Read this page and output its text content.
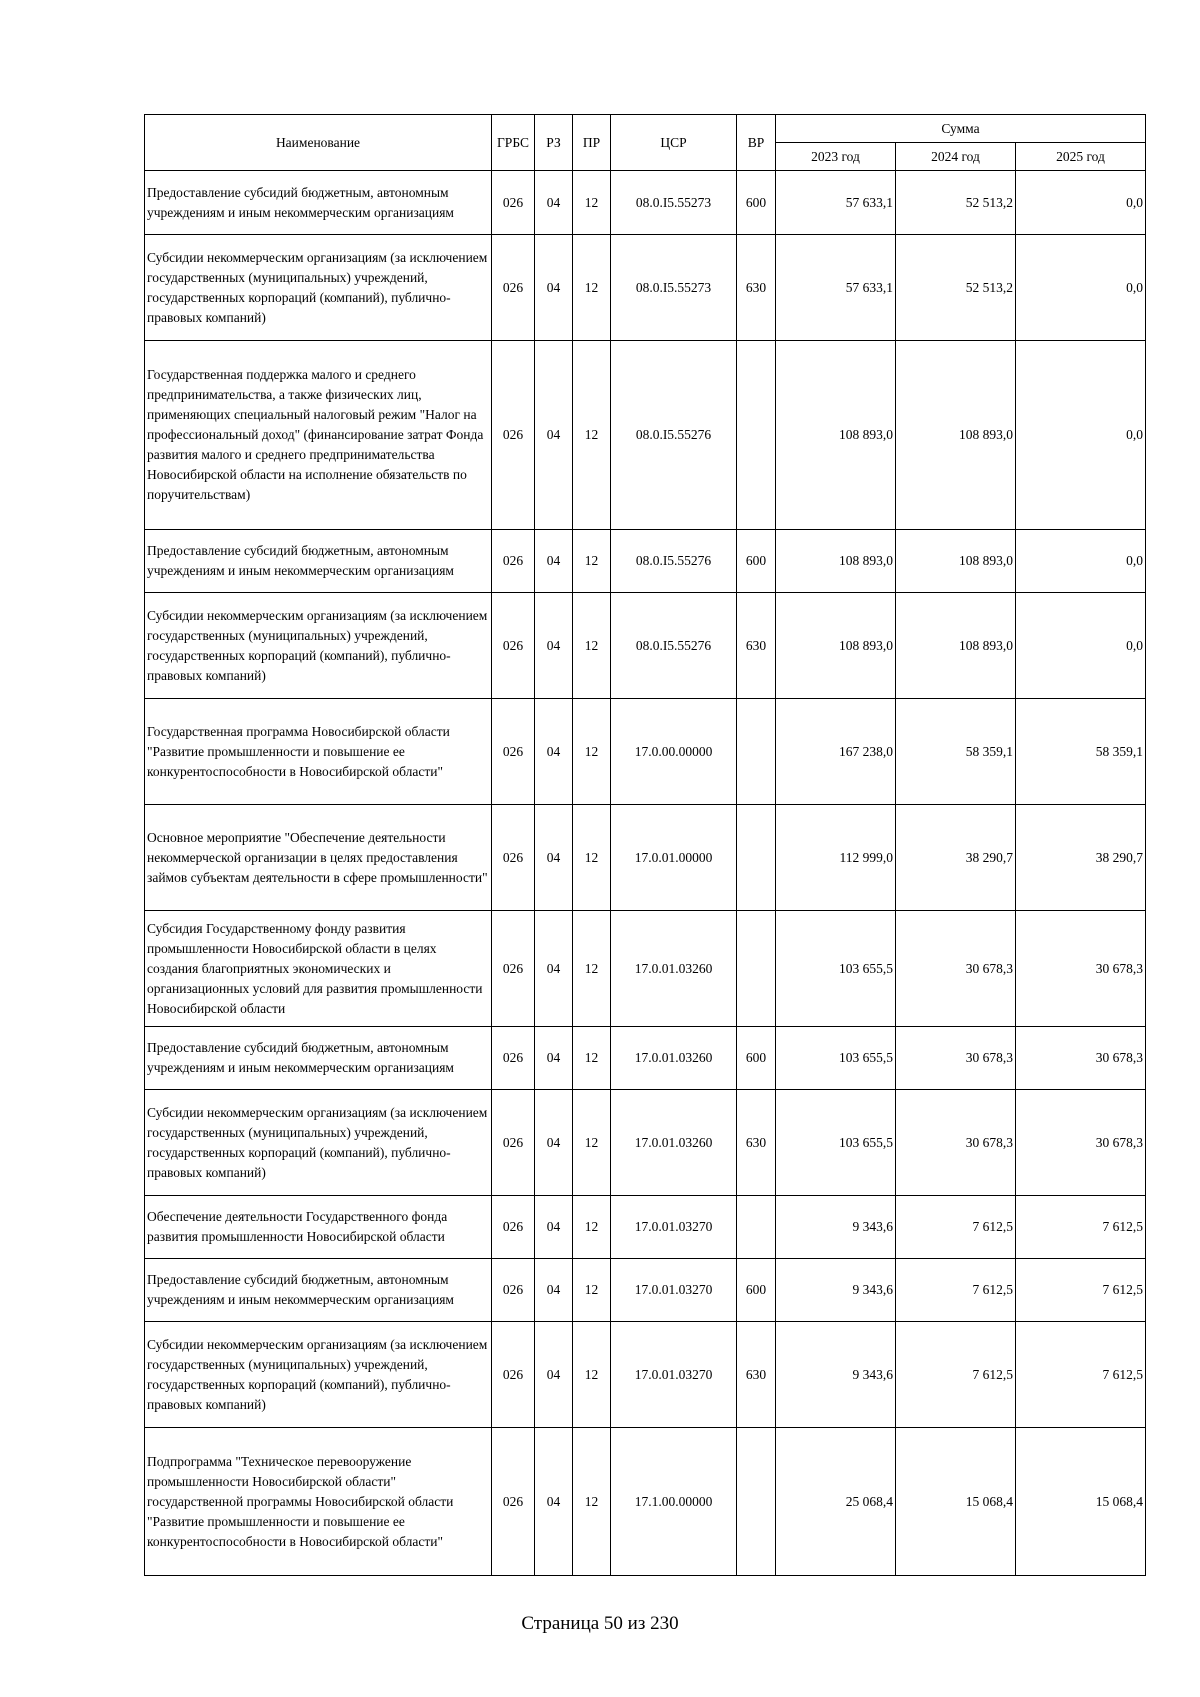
Наименование	ГРБС	РЗ	ПР	ЦСР	ВР	Сумма		
						2023 год	2024 год	2025 год
Предоставление субсидий бюджетным, автономным учреждениям и иным некоммерческим организациям	026	04	12	08.0.I5.55273	600	57 633,1	52 513,2	0,0
Субсидии некоммерческим организациям (за исключением государственных (муниципальных) учреждений, государственных корпораций (компаний), публично-правовых компаний)	026	04	12	08.0.I5.55273	630	57 633,1	52 513,2	0,0
Государственная поддержка малого и среднего предпринимательства, а также физических лиц, применяющих специальный налоговый режим "Налог на профессиональный доход" (финансирование затрат Фонда развития малого и среднего предпринимательства Новосибирской области на исполнение обязательств по поручительствам)	026	04	12	08.0.I5.55276		108 893,0	108 893,0	0,0
Предоставление субсидий бюджетным, автономным учреждениям и иным некоммерческим организациям	026	04	12	08.0.I5.55276	600	108 893,0	108 893,0	0,0
Субсидии некоммерческим организациям (за исключением государственных (муниципальных) учреждений, государственных корпораций (компаний), публично-правовых компаний)	026	04	12	08.0.I5.55276	630	108 893,0	108 893,0	0,0
Государственная программа Новосибирской области "Развитие промышленности и повышение ее конкурентоспособности в Новосибирской области"	026	04	12	17.0.00.00000		167 238,0	58 359,1	58 359,1
Основное мероприятие "Обеспечение деятельности некоммерческой организации в целях предоставления займов субъектам деятельности в сфере промышленности"	026	04	12	17.0.01.00000		112 999,0	38 290,7	38 290,7
Субсидия Государственному фонду развития промышленности Новосибирской области в целях создания благоприятных экономических и организационных условий для развития промышленности Новосибирской области	026	04	12	17.0.01.03260		103 655,5	30 678,3	30 678,3
Предоставление субсидий бюджетным, автономным учреждениям и иным некоммерческим организациям	026	04	12	17.0.01.03260	600	103 655,5	30 678,3	30 678,3
Субсидии некоммерческим организациям (за исключением государственных (муниципальных) учреждений, государственных корпораций (компаний), публично-правовых компаний)	026	04	12	17.0.01.03260	630	103 655,5	30 678,3	30 678,3
Обеспечение деятельности Государственного фонда развития промышленности Новосибирской области	026	04	12	17.0.01.03270		9 343,6	7 612,5	7 612,5
Предоставление субсидий бюджетным, автономным учреждениям и иным некоммерческим организациям	026	04	12	17.0.01.03270	600	9 343,6	7 612,5	7 612,5
Субсидии некоммерческим организациям (за исключением государственных (муниципальных) учреждений, государственных корпораций (компаний), публично-правовых компаний)	026	04	12	17.0.01.03270	630	9 343,6	7 612,5	7 612,5
Подпрограмма "Техническое перевооружение промышленности Новосибирской области" государственной программы Новосибирской области "Развитие промышленности и повышение ее конкурентоспособности в Новосибирской области"	026	04	12	17.1.00.00000		25 068,4	15 068,4	15 068,4
Страница 50 из 230
